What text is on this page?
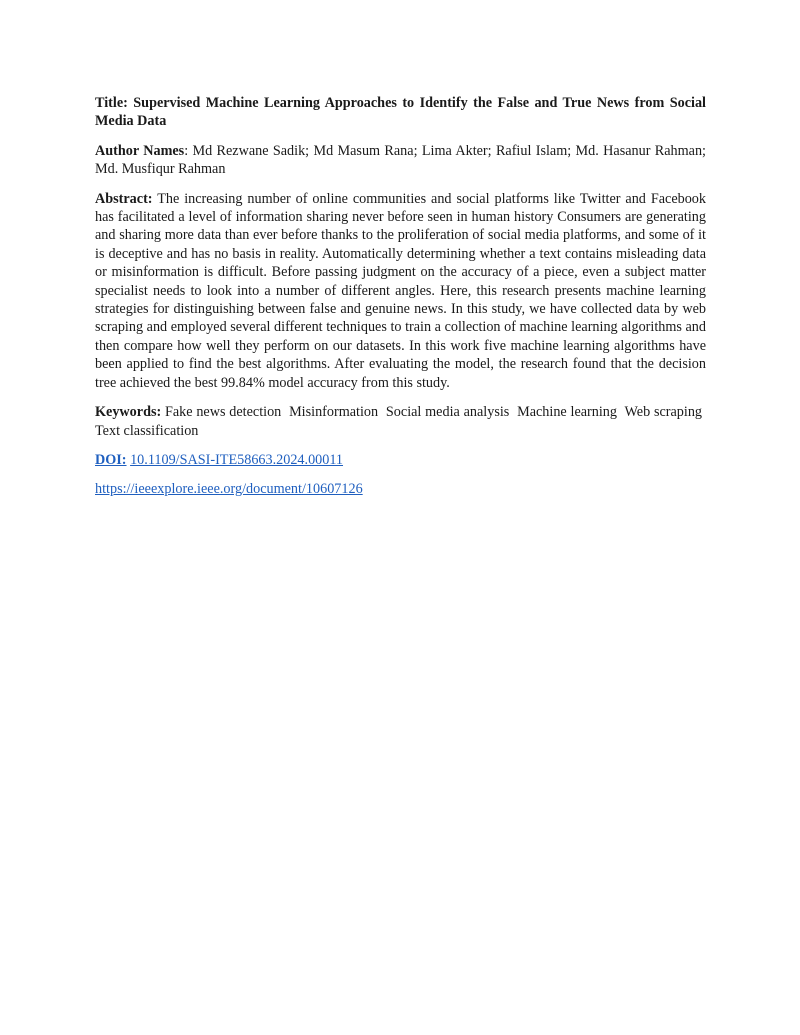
Title: Supervised Machine Learning Approaches to Identify the False and True News from Social Media Data

Author Names: Md Rezwane Sadik; Md Masum Rana; Lima Akter; Rafiul Islam; Md. Hasanur Rahman; Md. Musfiqur Rahman

Abstract: The increasing number of online communities and social platforms like Twitter and Facebook has facilitated a level of information sharing never before seen in human history Consumers are generating and sharing more data than ever before thanks to the proliferation of social media platforms, and some of it is deceptive and has no basis in reality. Automatically determining whether a text contains misleading data or misinformation is difficult. Before passing judgment on the accuracy of a piece, even a subject matter specialist needs to look into a number of different angles. Here, this research presents machine learning strategies for distinguishing between false and genuine news. In this study, we have collected data by web scraping and employed several different techniques to train a collection of machine learning algorithms and then compare how well they perform on our datasets. In this work five machine learning algorithms have been applied to find the best algorithms. After evaluating the model, the research found that the decision tree achieved the best 99.84% model accuracy from this study.

Keywords: Fake news detection Misinformation Social media analysis Machine learning Web scraping Text classification

DOI: 10.1109/SASI-ITE58663.2024.00011

https://ieeexplore.ieee.org/document/10607126
